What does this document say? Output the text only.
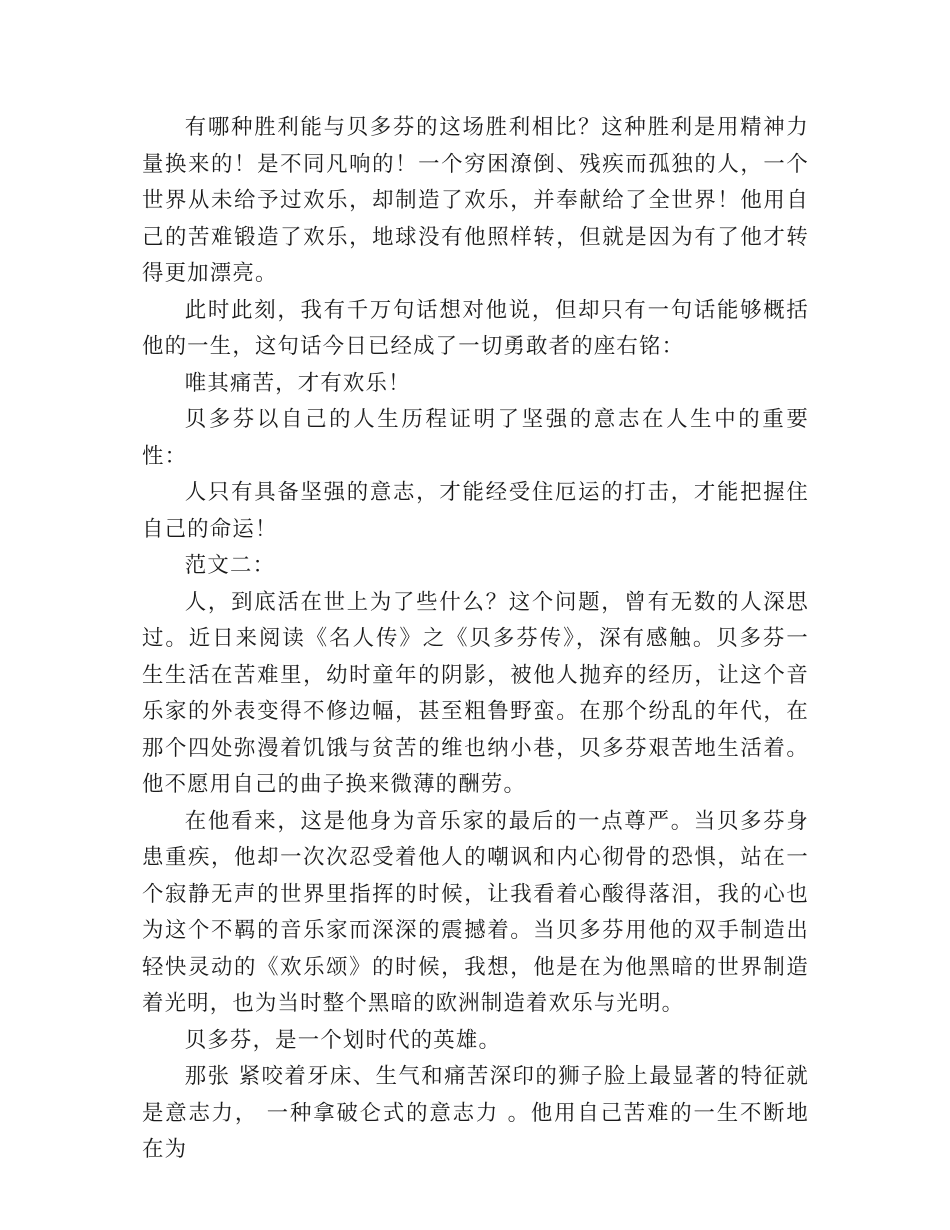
有哪种胜利能与贝多芬的这场胜利相比？这种胜利是用精神力量换来的！是不同凡响的！一个穷困潦倒、残疾而孤独的人，一个世界从未给予过欢乐，却制造了欢乐，并奉献给了全世界！他用自己的苦难锻造了欢乐，地球没有他照样转，但就是因为有了他才转得更加漂亮。

此时此刻，我有千万句话想对他说，但却只有一句话能够概括他的一生，这句话今日已经成了一切勇敢者的座右铭：

唯其痛苦，才有欢乐！

贝多芬以自己的人生历程证明了坚强的意志在人生中的重要性：

人只有具备坚强的意志，才能经受住厄运的打击，才能把握住自己的命运！

范文二：

人，到底活在世上为了些什么？这个问题，曾有无数的人深思过。近日来阅读《名人传》之《贝多芬传》，深有感触。贝多芬一生生活在苦难里，幼时童年的阴影，被他人抛弃的经历，让这个音乐家的外表变得不修边幅，甚至粗鲁野蛮。在那个纷乱的年代，在那个四处弥漫着饥饿与贫苦的维也纳小巷，贝多芬艰苦地生活着。他不愿用自己的曲子换来微薄的酬劳。

在他看来，这是他身为音乐家的最后的一点尊严。当贝多芬身患重疾，他却一次次忍受着他人的嘲讽和内心彻骨的恐惧，站在一个寂静无声的世界里指挥的时候，让我看着心酸得落泪，我的心也为这个不羁的音乐家而深深的震撼着。当贝多芬用他的双手制造出轻快灵动的《欢乐颂》的时候，我想，他是在为他黑暗的世界制造着光明，也为当时整个黑暗的欧洲制造着欢乐与光明。

贝多芬，是一个划时代的英雄。

那张 紧咬着牙床、生气和痛苦深印的狮子脸上最显著的特征就是意志力， 一种拿破仑式的意志力 。他用自己苦难的一生不断地在为
